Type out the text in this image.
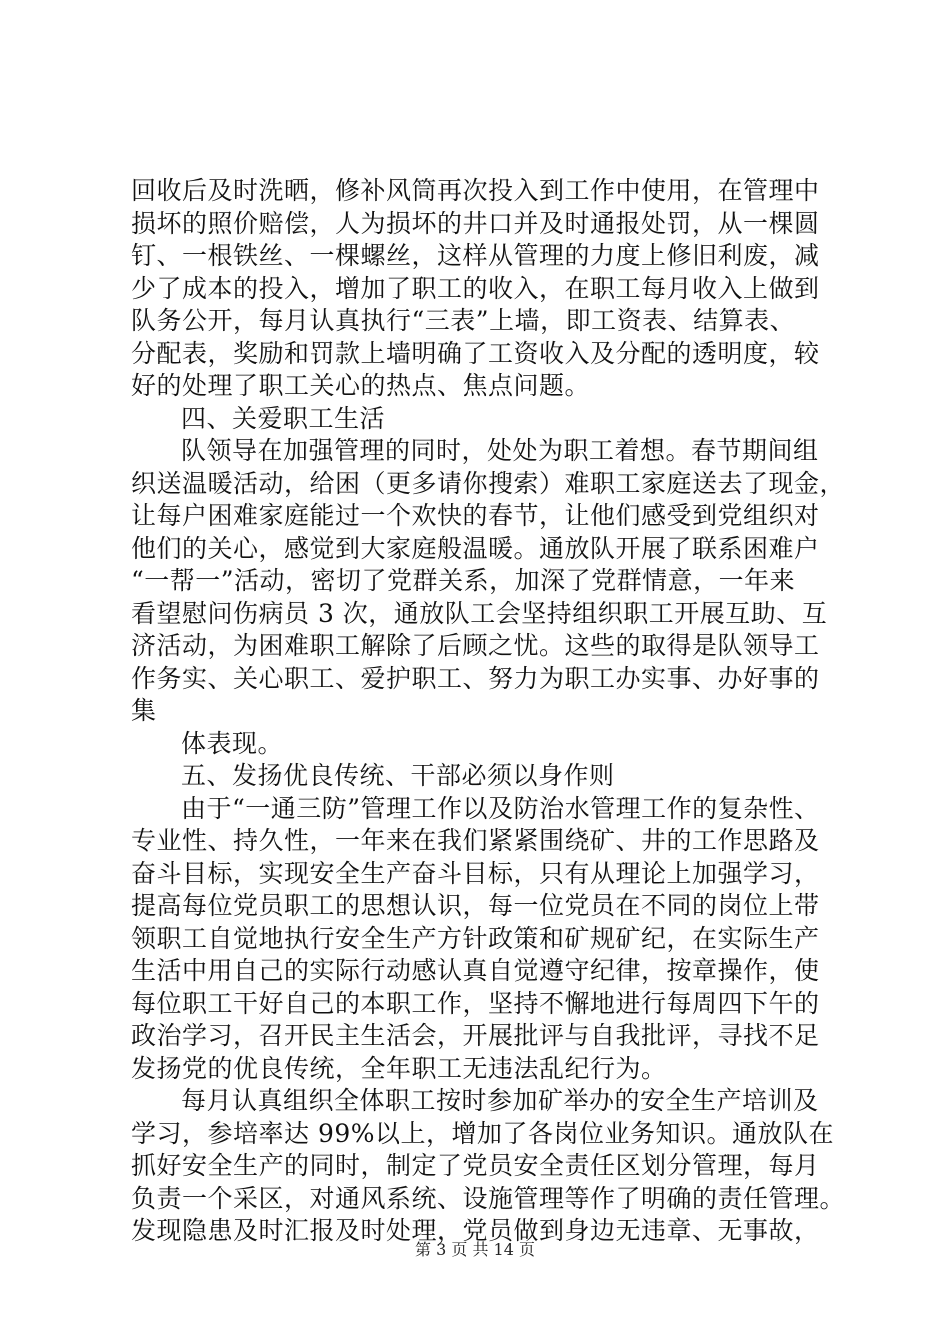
回收后及时洗晒，修补风筒再次投入到工作中使用，在管理中
损坏的照价赔偿，人为损坏的井口并及时通报处罚，从一棵圆
钉、一根铁丝、一棵螺丝，这样从管理的力度上修旧利废，减
少了成本的投入，增加了职工的收入，在职工每月收入上做到
队务公开，每月认真执行“三表”上墙，即工资表、结算表、
分配表，奖励和罚款上墙明确了工资收入及分配的透明度，较
好的处理了职工关心的热点、焦点问题。
四、关爱职工生活
队领导在加强管理的同时，处处为职工着想。春节期间组
织送温暖活动，给困（更多请你搜索）难职工家庭送去了现金，
让每户困难家庭能过一个欢快的春节，让他们感受到党组织对
他们的关心，感觉到大家庭般温暖。通放队开展了联系困难户
“一帮一”活动，密切了党群关系，加深了党群情意，一年来
看望慰问伤病员 3 次，通放队工会坚持组织职工开展互助、互
济活动，为困难职工解除了后顾之忧。这些的取得是队领导工
作务实、关心职工、爱护职工、努力为职工办实事、办好事的
集
体表现。
五、发扬优良传统、干部必须以身作则
由于“一通三防”管理工作以及防治水管理工作的复杂性、
专业性、持久性，一年来在我们紧紧围绕矿、井的工作思路及
奋斗目标，实现安全生产奋斗目标，只有从理论上加强学习，
提高每位党员职工的思想认识，每一位党员在不同的岗位上带
领职工自觉地执行安全生产方针政策和矿规矿纪，在实际生产
生活中用自己的实际行动感认真自觉遵守纪律，按章操作，使
每位职工干好自己的本职工作，坚持不懈地进行每周四下午的
政治学习，召开民主生活会，开展批评与自我批评，寻找不足
发扬党的优良传统，全年职工无违法乱纪行为。
每月认真组织全体职工按时参加矿举办的安全生产培训及
学习，参培率达 99%以上，增加了各岗位业务知识。通放队在
抓好安全生产的同时，制定了党员安全责任区划分管理，每月
负责一个采区，对通风系统、设施管理等作了明确的责任管理。
发现隐患及时汇报及时处理，党员做到身边无违章、无事故，
第 3 页 共 14 页
